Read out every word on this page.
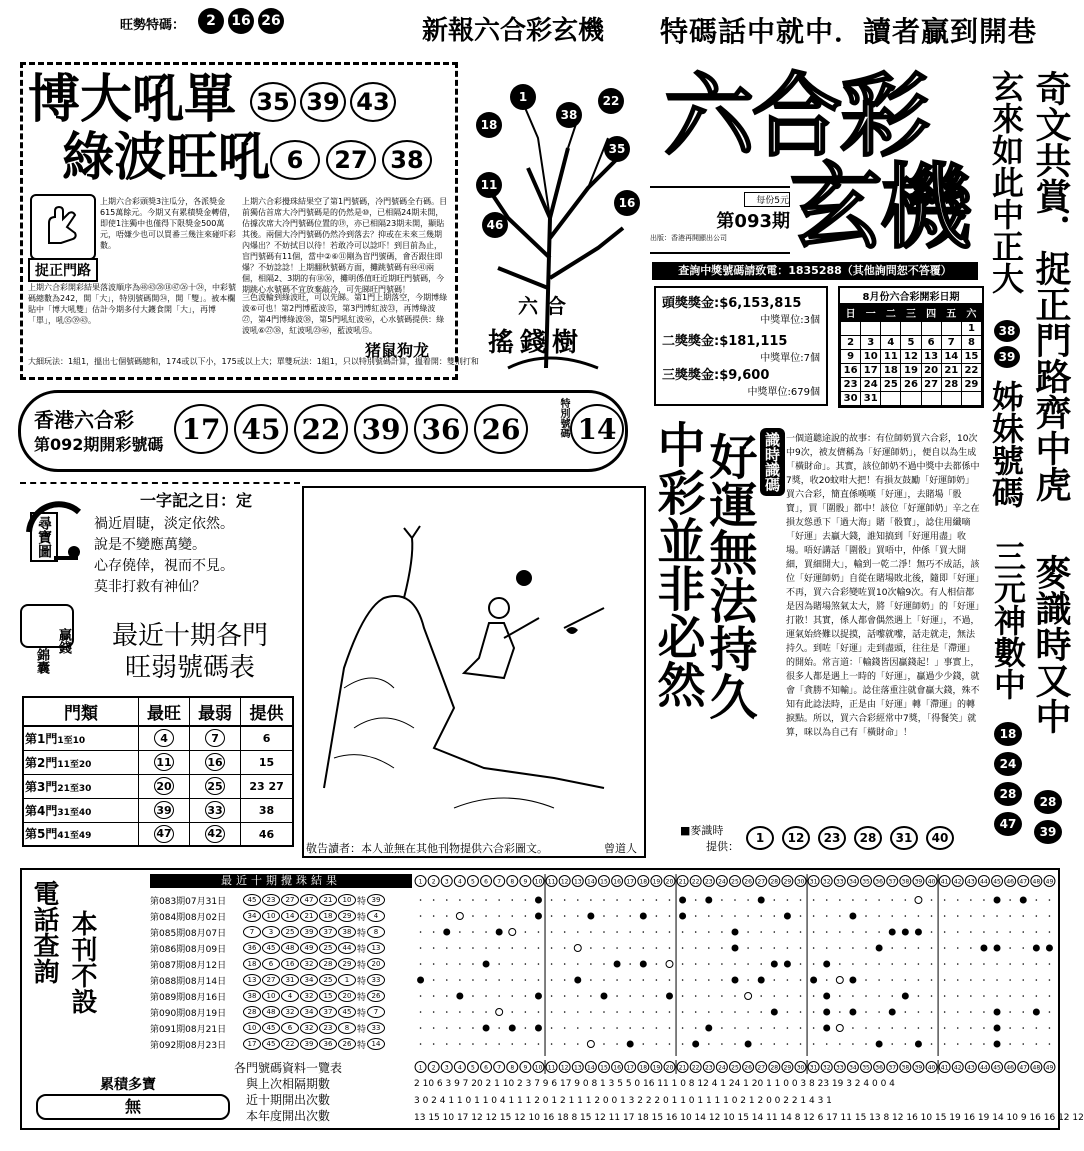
旺勢特碼：	2	16 26	新報六合彩玄機 特碼話中就中．讀者贏到開巷
博大吼單 35 39 43
綠波旺吼 6	27 38
捉正門路
上期六合彩頭獎3注瓜分，各派獎金615萬餘元。今期又有累積獎金轉借，即使1注獨中也僅得下限獎金500萬元，唔嫌少也可以買番三幾注來碰吓彩數。
上期六合彩開彩結果落波順序為㊽㊸㉘⑱㊼㉖十㉔，中彩號碼總數為242，開「大」，特別號碼開㉔，開「雙」。被本欄貼中「博大吼雙」估計今期多付大鑊食開「大」，再博「單」，吼㉟㊴㊸。
上期六合彩攪珠結果空了第1門號碼，冷門號碼全冇碼。目前獨佔首席大冷門號碼是的仍然是⑩，已相隔24期未開，佔據次席大冷門號碼位置的⑲，亦已相隔23期未開，顯貼其後。兩個大冷門號碼仍然冷到落去？抑或在未來三幾期內爆出？不妨拭目以待！若敢冷可以諗吓！到目前為止，盲門號碼有11個，當中②⑥⑪剛為盲門號碼，會否跟住即爆？不妨諗諗！上期翻秋號碼方面，攤跳號碼有㊹㊶兩個，相隔2、3期的有⑱㊱，攤明係值旺近期旺門號碼，今期跳心水號碼不宜放棄敲冷，可先睇旺門號碼！
三色波輪到綠波旺，可以先睇。第1門上期落空，今期博綠波⑥可也！第2門博藍波⑮，第3門博紅波㉓，再博綠波㉗，第4門博綠波㊳，第5門吼紅波㊻，心水號碼提供：綠波吼⑥㉗㊳，紅波吼㉓㊻，藍波吼⑮。
猪鼠狗龙
大細玩法：1組1，搵出七個號碼總和，174或以下小，175或以上大；單雙玩法：1組1，只以特別號碼計算，搵着開：雙則打和
1
18
38
22
35
11
16
46
六合
搖錢樹
六合彩
玄機
每份5元
第093期
出版：香港再開顯出公司
查詢中獎號碼請致電：1835288（其他詢問恕不答覆）
頭獎獎金:$6,153,815
中獎單位:3個
二獎獎金:$181,115
中獎單位:7個
三獎獎金:$9,600
中獎單位:679個
8月份六合彩開彩日期
日	一	二	三	四	五	六
						1
2	3	4	5	6	7	8
9	10	11	12	13	14	15
16	17	18	19	20	21	22
23	24	25	26	27	28	29
30	31						奇文共賞．捉正門路齊中虎
玄來如此中正大
38
39
姊妹號碼
麥識時又中
28
39
三元神數中
18
24
28
47
香港六合彩
第092期開彩號碼 17 45 22 39 36 26	特別號碼 14
尋寶圖
一字記之日：定
禍近眉睫，淡定依然。
說是不變應萬變。
心存僥倖，視而不見。
莫非打救有神仙？
錦囊
贏錢	最近十期各門
旺弱號碼表
門類	最旺	最弱	提供
第1門1至10	4	7	6
第2門11至20	11	16	15
第3門21至30	20	25	23 27
第4門31至40	39	33	38
第5門41至49	47	42	46
敬告讀者：本人並無在其他刊物提供六合彩圖文。	曾道人
好運無法持久
中彩並非必然	識時識碼 一個道聽途說的故事：有位師奶買六合彩，10次中9次，被友儕稱為「好運師奶」，便自以為生成「橫財命」。其實，該位師奶不過中獎中去都係中7獎，收20蚊咁大把！有損友鼓勵「好運師奶」買六合彩，簡直係嘆嘆「好運」，去賭場「骰寶」，買「圍骰」都中！該位「好運師奶」辛之在損友慫恿下「過大海」賭「骰寶」，諗住用纖嘀「好運」去贏大錢，誰知搞到「好運用盡」收場。唔好講話「圍骰」買唔中，仲係「買大開細，買細開大」，輸到一乾二淨！無巧不成話，該位「好運師奶」自從在賭場敗北後，隨即「好運」不再，買六合彩變咗買10次輸9次。有人相信都是因為賭場煞氣太大，將「好運師奶」的「好運」打散！其實，係人都會偶然遇上「好運」，不過，運氣始終難以捉摸，話嚟就嚟，話走就走，無法持久。到咗「好運」走到盡頭，往往是「滯運」的開始。常言道：「輸錢皆因贏錢起！」事實上，很多人都是遇上一時的「好運」，贏過少少錢，就會「貪勝不知輸」。諗住落重注就會贏大錢，殊不知有此諗法時，正是由「好運」轉「滯運」的轉捩點。所以，買六合彩經常中7獎，「得餐笑」就算，咪以為自己有「橫財命」！
■麥識時
提供：
1	12	23	28	31	40
電話查詢 本刊不設
累積多寶
無
最近十期攪珠結果
第083期07月31日	45	23	27	47	21	10 特 39
第084期08月02日	34	10	14	21	18	29 特	4
第085期08月07日	7	3	25	39	37	38 特	8
第086期08月09日	36	45	48	49	25	44 特 13
第087期08月12日	18	6	16	32	28	29 特 20
第088期08月14日	13	27	31	34	25	1 特 33
第089期08月16日	38	10	4	32	15	20 特 26
第090期08月19日	28	48	32	34	37	45 特	7
第091期08月21日	10	45	6	32	23	8 特 33
第092期08月23日	17	45	22	39	36	26 特 14
各門號碼資料一覽表
與上次相隔期數
近十期開出次數
本年度開出次數
1 2 3 4 5 6 7 8 9 10 11 12 13 14 15 16 17 18 19 20 21 22 23 24 25 26 27 28 29 30 31 32 33 34 35 36 37 38 39 40 41 42 43 44 45 46 47 48 49
1 2 3 4 5 6 7 8 9 10 11 12 13 14 15 16 17 18 19 20 21 22 23 24 25 26 27 28 29 30 31 32 33 34 35 36 37 38 39 40 41 42 43 44 45 46 47 48 49
2 10 6 3 9 7 20 2 1 10 2 3 7 9 6 17 9 0 8 1 3 5 5 0 16 11 1 0 8 12 4 1 24 1 20 1 1 0 0 3 8 23 19 3 2 4 0 0 4
3 0 2 4 1 1 0 1 1 0 4 1 1 1 2 0 1 2 1 1 1 2 0 0 1 3 2 2 2 0 1 1 0 1 1 1 1 0 2 1 2 0 0 2 2 1 4 3 1
13 15 10 17 12 12 15 12 10 16 18 8 15 12 11 17 18 15 16 10 14 12 10 15 14 11 14 8 12 6 17 11 15 13 8 12 16 10 15 19 16 19 14 10 9 16 16 12 12
